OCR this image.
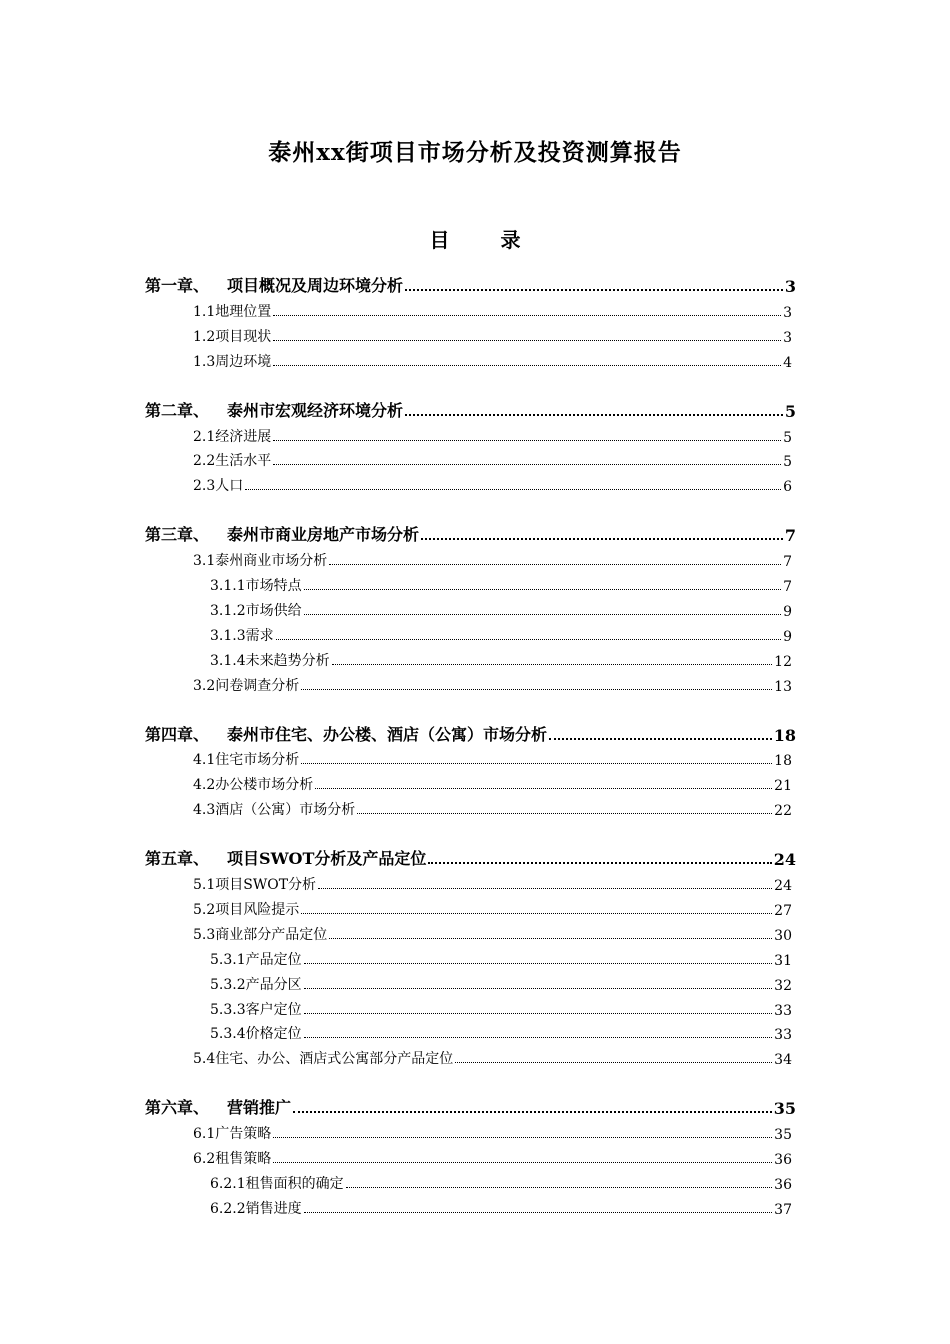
泰州xx街项目市场分析及投资测算报告
目 录
第一章、 项目概况及周边环境分析	3
1.1地理位置	3
1.2项目现状	3
1.3周边环境	4
第二章、 泰州市宏观经济环境分析	5
2.1经济进展	5
2.2生活水平	5
2.3人口	6
第三章、 泰州市商业房地产市场分析	7
3.1泰州商业市场分析	7
3.1.1市场特点	7
3.1.2市场供给	9
3.1.3需求	9
3.1.4未来趋势分析	12
3.2问卷调查分析	13
第四章、 泰州市住宅、办公楼、酒店（公寓）市场分析	18
4.1住宅市场分析	18
4.2办公楼市场分析	21
4.3酒店（公寓）市场分析	22
第五章、 项目SWOT分析及产品定位	24
5.1项目SWOT分析	24
5.2项目风险提示	27
5.3商业部分产品定位	30
5.3.1产品定位	31
5.3.2产品分区	32
5.3.3客户定位	33
5.3.4价格定位	33
5.4住宅、办公、酒店式公寓部分产品定位	34
第六章、 营销推广	35
6.1广告策略	35
6.2租售策略	36
6.2.1租售面积的确定	36
6.2.2销售进度	37
